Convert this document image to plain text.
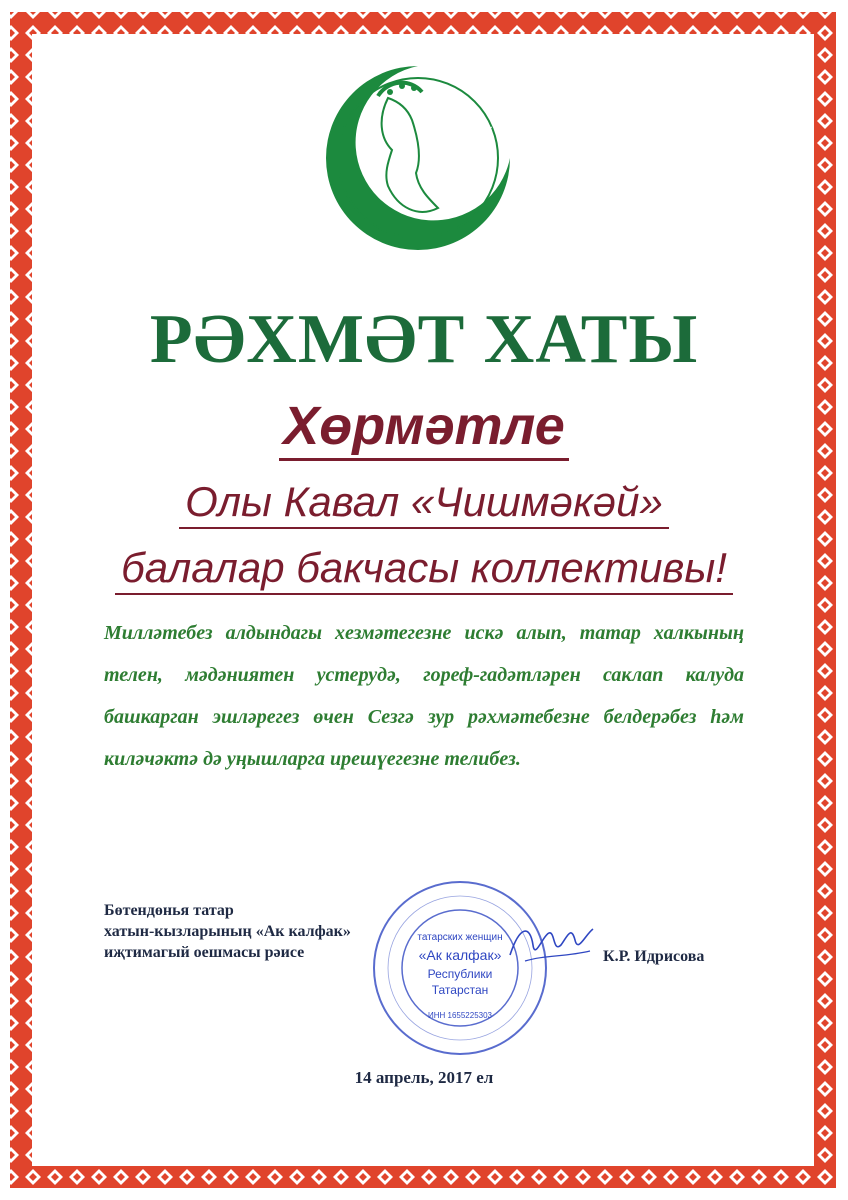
Ак калфак
РӘХМӘТ ХАТЫ
Хөрмәтле
Олы Кавал «Чишмәкәй»
балалар бакчасы коллективы!

Милләтебез алдындагы хезмәтегезне искә алып, татар халкының телен, мәдәниятен устерудә, гореф-гадәтләрен саклап калуда башкарган эшләрегез өчен Сезгә зур рәхмәтебезне белдерәбез һәм киләчәктә дә уңышларга ирешүегезне телибез.

Бөтендөнья татар
хатын-кызларының «Ак калфак»
иҗтимагый оешмасы рәисе
татарских женщин
«Ак калфак»
Республики
Татарстан
ИНН 1655225303
К.Р. Идрисова
14 апрель, 2017 ел
